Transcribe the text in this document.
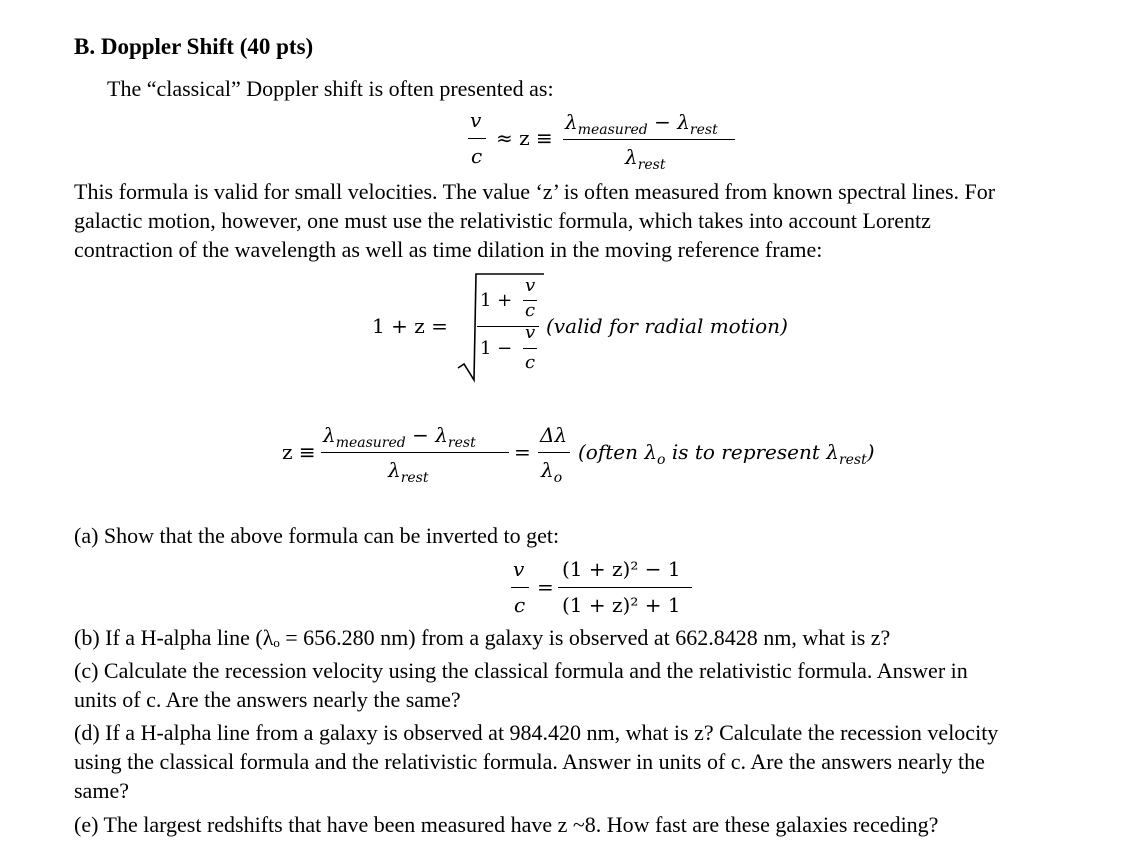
B. Doppler Shift (40 pts)
The “classical” Doppler shift is often presented as:
v
c
≈ z ≡
$\lambda_{measured} - \lambda_{rest}$
$\lambda_{rest}$
This formula is valid for small velocities. The value ‘z’ is often measured from known spectral lines. For
galactic motion, however, one must use the relativistic formula, which takes into account Lorentz
contraction of the wavelength as well as time dilation in the moving reference frame:
1 + z =
1 +
v
c
v
1 −
c
(valid for radial motion)
z ≡
$\lambda_{measured} - \lambda_{rest}$
$\lambda_{rest}$
=
Δλ
$\lambda_o$
(often $\lambda_o$ is to represent $\lambda_{rest}$)
(a) Show that the above formula can be inverted to get:
v
c
=
(1 + z)² − 1
(1 + z)² + 1
(b) If a H-alpha line (λₒ = 656.280 nm) from a galaxy is observed at 662.8428 nm, what is z?
(c) Calculate the recession velocity using the classical formula and the relativistic formula. Answer in
units of c. Are the answers nearly the same?
(d) If a H-alpha line from a galaxy is observed at 984.420 nm, what is z? Calculate the recession velocity
using the classical formula and the relativistic formula. Answer in units of c. Are the answers nearly the
same?
(e) The largest redshifts that have been measured have z ~8. How fast are these galaxies receding?
